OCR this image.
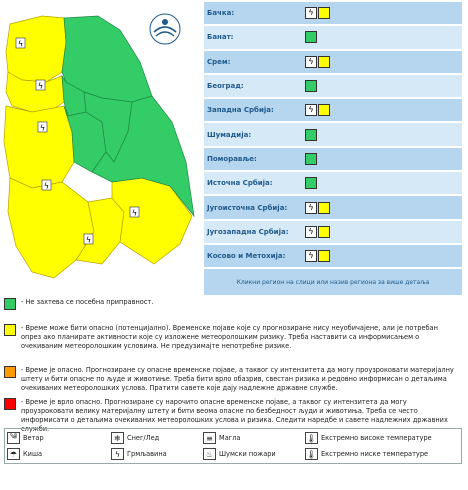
ϟ
ϟ
ϟ
ϟ
ϟ
ϟ
Бачка:	ϟ
Банат:
Срем:	ϟ
Београд:
Западна Србија:	ϟ
Шумадија:
Поморавље:
Источна Србија:
Југоисточна Србија:	ϟ
Југозападна Србија:	ϟ
Косово и Метохија:	ϟ
Кликни регион на слици или назив региона за више детаља
- Не захтева се посебна приправност.
- Време може бити опасно (потенцијално). Временске појаве које су прогнозиране нису неуобичајене, али је потребан опрез ако планирате активности које су изложене метеоролошким ризику. Треба наставити са информисањем о очекиваним метеоролошким условима. Не предузимајте непотребне ризике.
- Време је опасно. Прогнозиране су опасне временске појаве, а таквог су интензитета да могу проузроковати материјалну штету и бити опасне по људе и животиње. Треба бити врло обазрив, свестан ризика и редовно информисан о детаљима очекиваних метеоролошких услова. Пратити савете које дају надлежне државне службе.
- Време је врло опасно. Прогнозиране су нарочито опасне временске појаве, а таквог су интензитета да могу проузроковати велику материјалну штету и бити веома опасне по безбедност људи и животиња. Треба се често информисати о детаљима очекиваних метеоролошких услова и ризика. Следити наредбе и савете надлежних државних служби.
༄ Ветар	❄ Снег/Лед	≡ Магла	🌡 Екстремно високе температуре
☂ Киша	ϟ	Грмљавина	♨ Шумски пожари	🌡 Екстремно ниске температуре
